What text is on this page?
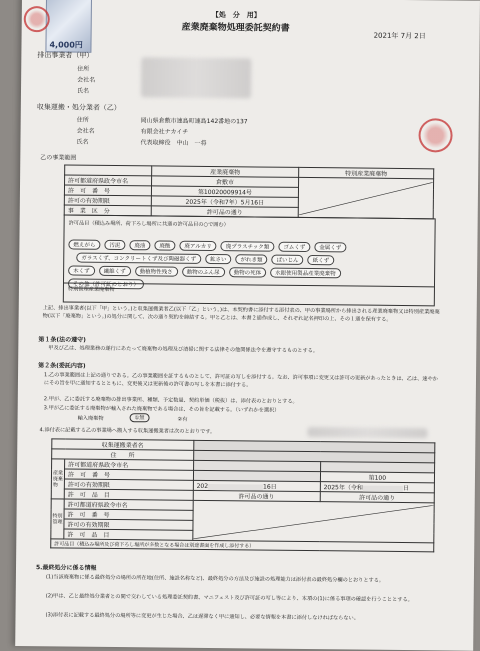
4,000円
【処　分　用】
産業廃棄物処理委託契約書
2021年 7月 2日
排出事業者（甲）
住所
会社名
氏名
収集運搬・処分業者（乙）
住所
会社名
氏名
岡山県倉敷市連島町連島142番地の137
有限会社ナカイチ
代表取締役　中山　一将
乙の事業範囲
	産業廃棄物	特別産業廃棄物
許可都道府県政令市名	倉敷市	

許　可　番　号	第10020009914号	
許可の有効期限	2025年（令和7年）5月16日	
事　業　区　分	許可品の通り	
許可品目（積込み場所、荷下ろし場所に共通の許可品目の○で囲む）
燃えがら	汚泥	廃油	廃酸	廃アルカリ	廃プラスチック類	ゴムくず	金属くず
ガラスくず、コンクリートくず及び陶磁器くず	鉱さい	がれき類	ばいじん	紙くず
木くず	繊維くず	動植物性残さ	動物のふん尿	動物の死体	水銀使用製品産業廃棄物
その他（許可証のとおり）
特別管理産業廃棄物
上記、排出事業者(以下「甲」という。)と収集運搬業者乙(以下「乙」という。)は、本契約書に添付する添付表の、甲の事業場所から排出される産業廃棄物又は特別産業廃棄物(以下「廃棄物」という。)の処分に関して、次の通り契約を締結する。甲と乙とは、本書２通作成し、それぞれ記名押印の上、その１通を保有する。
第１条(法の遵守)
甲及び乙は、処理業務の遂行にあたって廃棄物の処理及び清掃に関する法律その他関係法令を遵守するものとする。
第２条(委託内容)
1.乙の事業範囲は上記の通りである。乙の事業範囲を証するものとして、許可証の写しを添付する。なお、許可事項に変更又は許可の更新があったときは、乙は、速やかにその旨を甲に通知するとともに、変更後又は更新後の許可書の写しを本書に添付する。
2.甲が、乙に委託する廃棄物の排出事業所、種類、予定数量、契約単価（税抜）は、添付表のとおりとする。
3.甲が乙に委託する廃棄物が輸入された廃棄物である場合は、その旨を記載する。（いずれかを選択）
輸入廃棄物	①無	②有
4.添付表に記載する乙の事業場へ搬入する収集運搬業者は次のとおりです。
収集運搬業者名			
住　　所			
産業廃棄物	許可都道府県政令市名		
	許　可　番　号		第100
	許可の有効期限	202 16日	2025年（令和 日
	許　可　品　目	許可品の通り	許可品の通り
特別管理	許可都道府県政令市名	

	許　可　番　号		
	許可の有効期限		
	許　可　品　目		
許可品目（積込み場所及び荷下ろし場所が多数となる場合は別途書面を作成し添付する）			
5.最終処分に係る情報
(1)当該廃棄物に係る最終処分の場所の所在地(住所、施設名称など)、最終処分の方法及び施設の処理能力は添付表の最終処分欄のとおりとする。
(2)甲は、乙と最終処分業者との間で交わしている処理委託契約書、マニフェスト及び許可証の写し等により、本項の(1)に係る事項の確認を行うこととする。
(3)添付表に記載する最終処分の場所等に変更が生じた場合、乙は遅滞なく甲に通知し、必要な情報を本書に添付しなければならない。
